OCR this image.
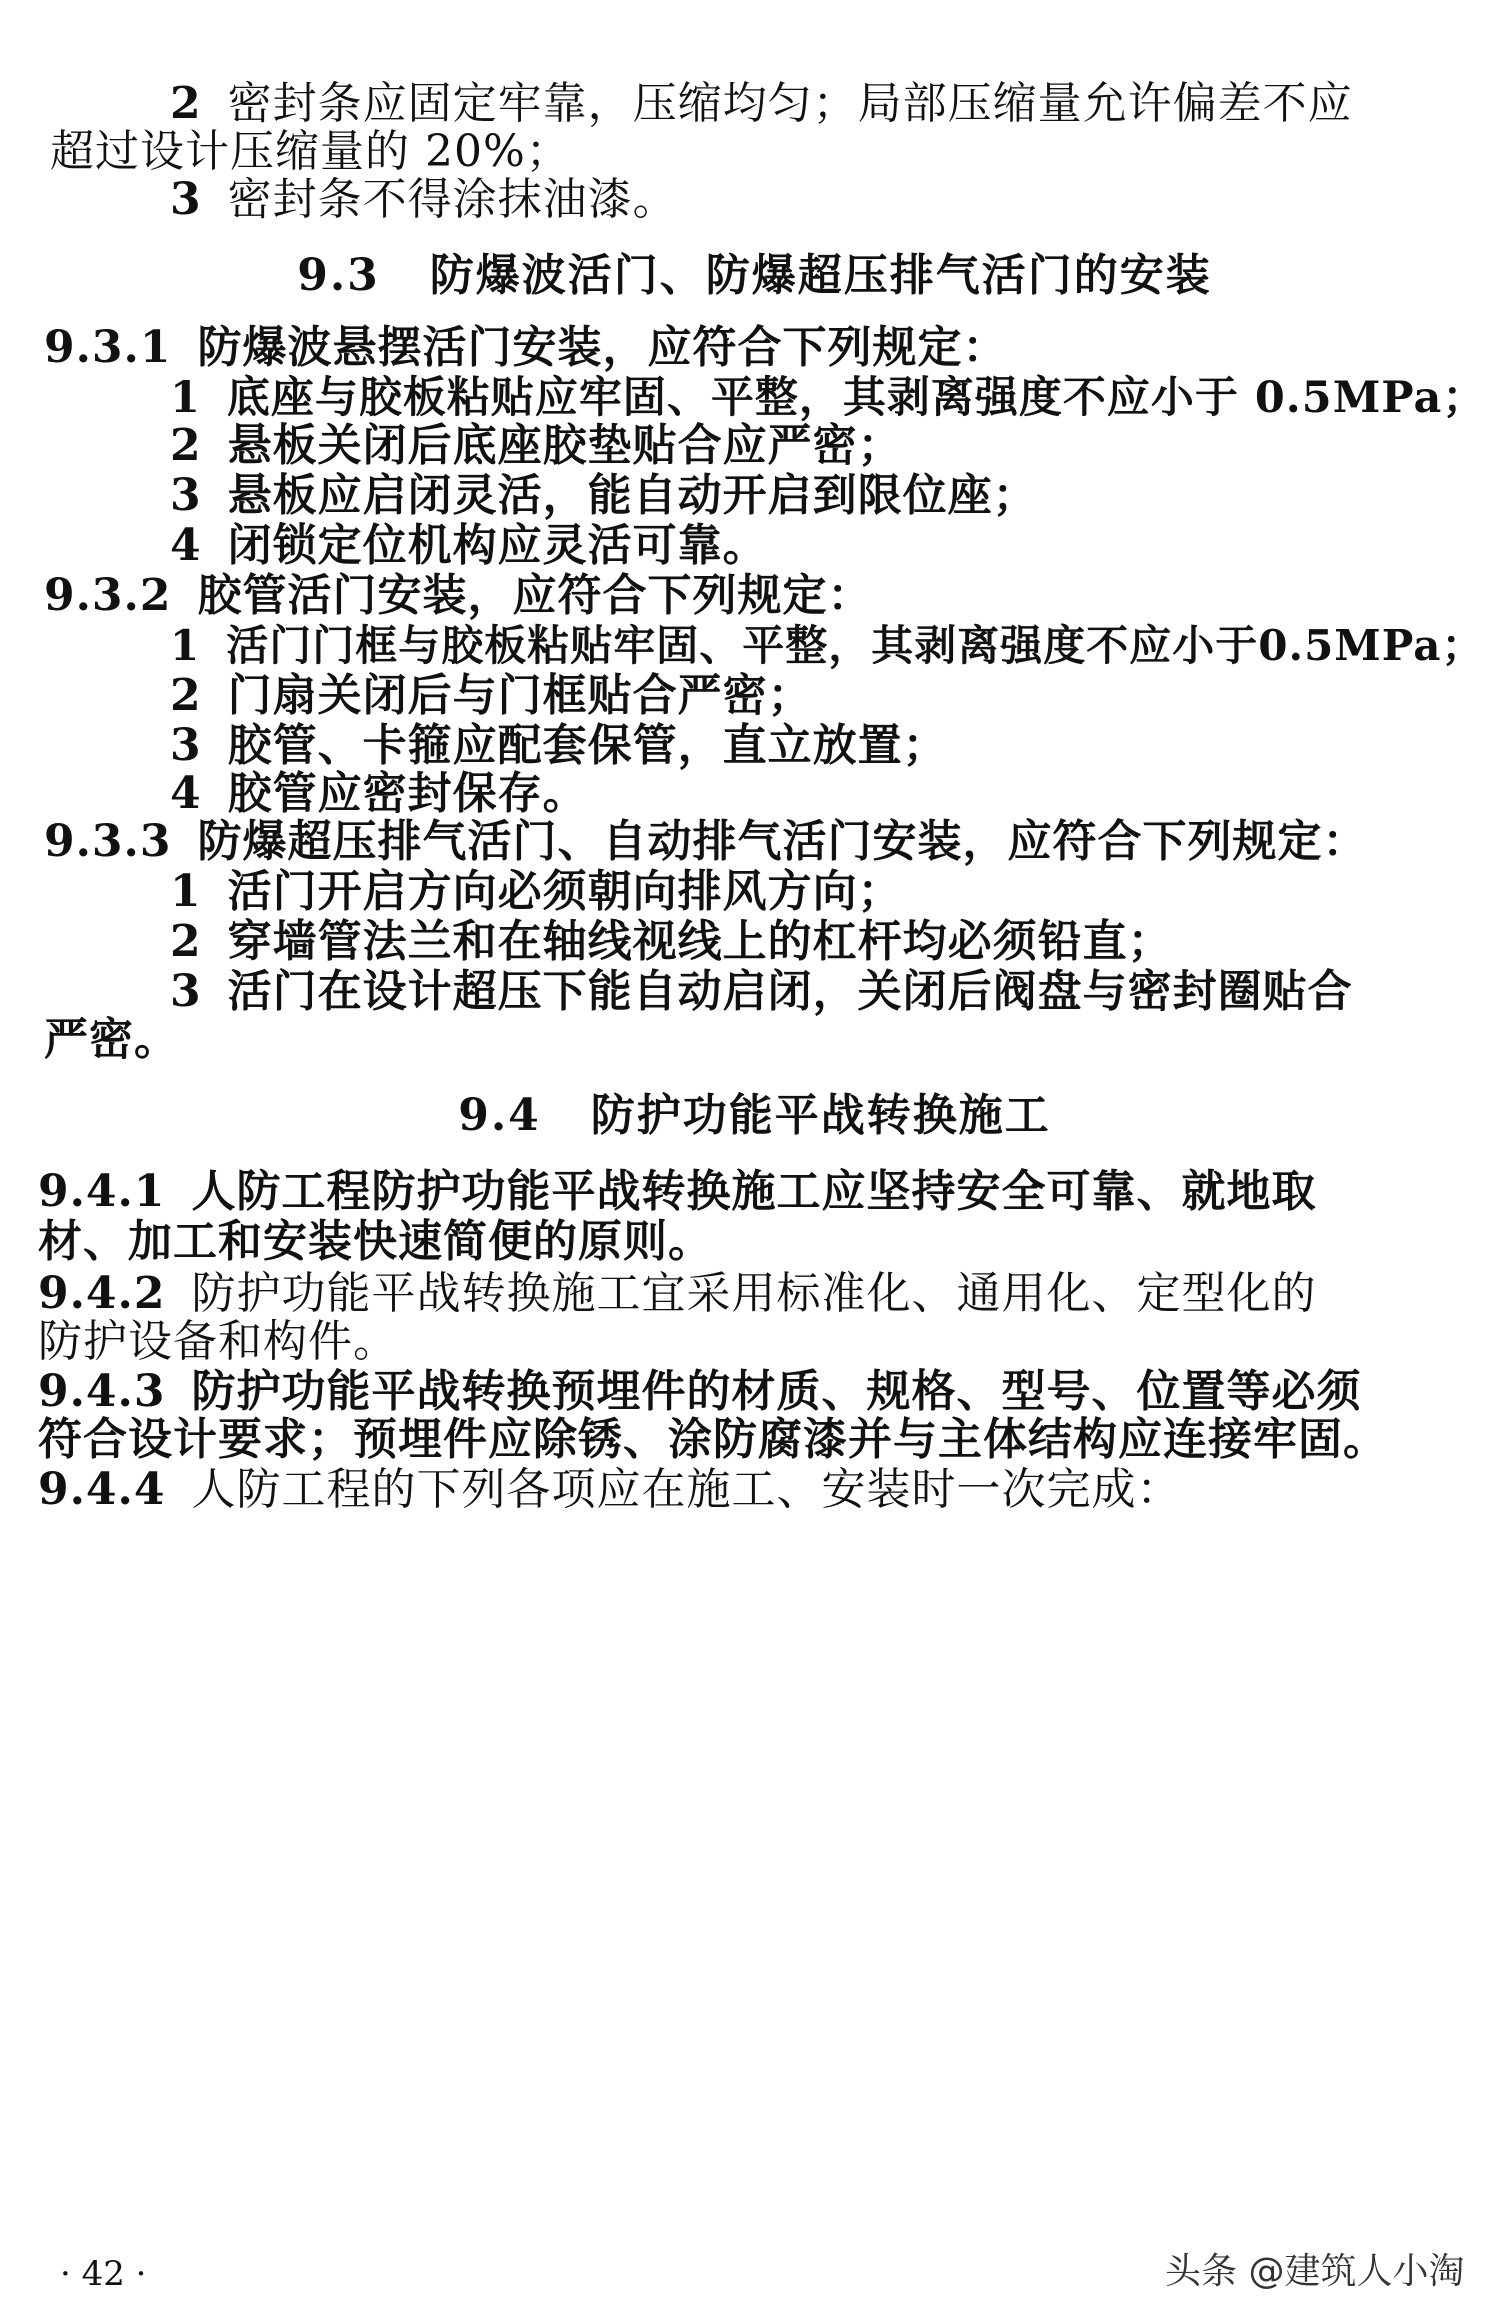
2 密封条应固定牢靠，压缩均匀；局部压缩量允许偏差不应
超过设计压缩量的 20%；
3 密封条不得涂抹油漆。
9.3 防爆波活门、防爆超压排气活门的安装
9.3.1 防爆波悬摆活门安装，应符合下列规定：
1 底座与胶板粘贴应牢固、平整，其剥离强度不应小于 0.5MPa；
2 悬板关闭后底座胶垫贴合应严密；
3 悬板应启闭灵活，能自动开启到限位座；
4 闭锁定位机构应灵活可靠。
9.3.2 胶管活门安装，应符合下列规定：
1 活门门框与胶板粘贴牢固、平整，其剥离强度不应小于0.5MPa；
2 门扇关闭后与门框贴合严密；
3 胶管、卡箍应配套保管，直立放置；
4 胶管应密封保存。
9.3.3 防爆超压排气活门、自动排气活门安装，应符合下列规定：
1 活门开启方向必须朝向排风方向；
2 穿墙管法兰和在轴线视线上的杠杆均必须铅直；
3 活门在设计超压下能自动启闭，关闭后阀盘与密封圈贴合
严密。
9.4 防护功能平战转换施工
9.4.1 人防工程防护功能平战转换施工应坚持安全可靠、就地取
材、加工和安装快速简便的原则。
9.4.2 防护功能平战转换施工宜采用标准化、通用化、定型化的
防护设备和构件。
9.4.3 防护功能平战转换预埋件的材质、规格、型号、位置等必须
符合设计要求；预埋件应除锈、涂防腐漆并与主体结构应连接牢固。
9.4.4 人防工程的下列各项应在施工、安装时一次完成：
· 42 ·	头条 @建筑人小淘
